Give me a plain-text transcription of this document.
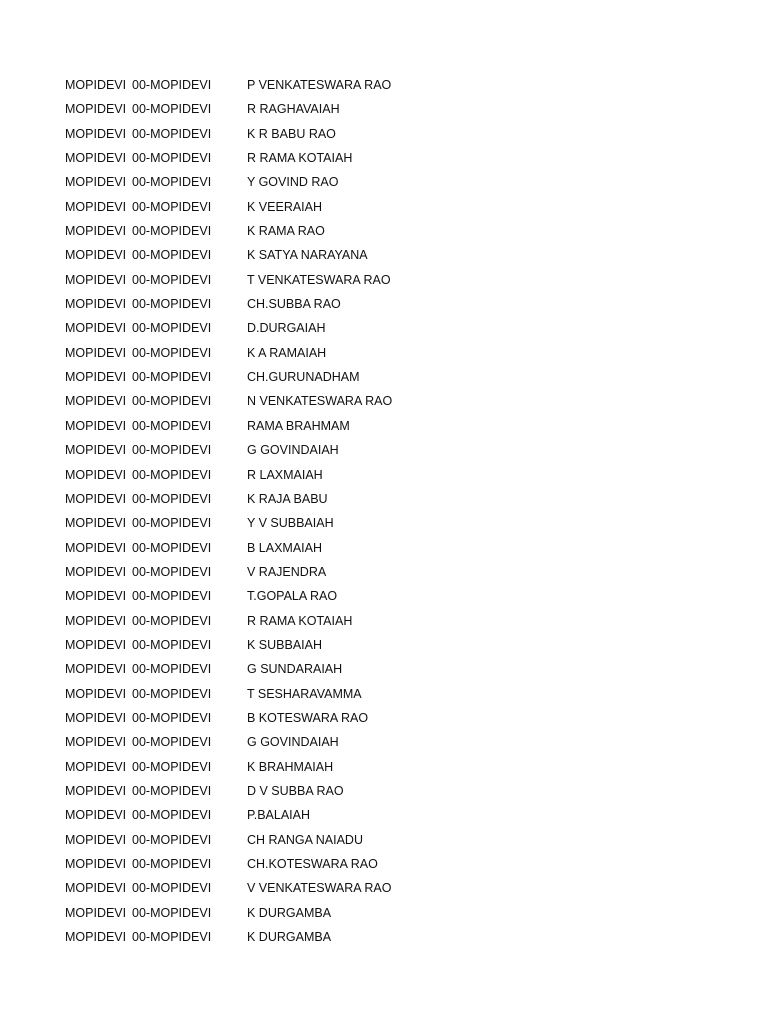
MOPIDEVI 00-MOPIDEVI	P VENKATESWARA RAO
MOPIDEVI 00-MOPIDEVI	R RAGHAVAIAH
MOPIDEVI 00-MOPIDEVI	K R BABU RAO
MOPIDEVI 00-MOPIDEVI	R RAMA KOTAIAH
MOPIDEVI 00-MOPIDEVI	Y GOVIND RAO
MOPIDEVI 00-MOPIDEVI	K VEERAIAH
MOPIDEVI 00-MOPIDEVI	K RAMA RAO
MOPIDEVI 00-MOPIDEVI	K SATYA NARAYANA
MOPIDEVI 00-MOPIDEVI	T VENKATESWARA RAO
MOPIDEVI 00-MOPIDEVI	CH.SUBBA RAO
MOPIDEVI 00-MOPIDEVI	D.DURGAIAH
MOPIDEVI 00-MOPIDEVI	K A RAMAIAH
MOPIDEVI 00-MOPIDEVI	CH.GURUNADHAM
MOPIDEVI 00-MOPIDEVI	N VENKATESWARA RAO
MOPIDEVI 00-MOPIDEVI	RAMA BRAHMAM
MOPIDEVI 00-MOPIDEVI	G GOVINDAIAH
MOPIDEVI 00-MOPIDEVI	R LAXMAIAH
MOPIDEVI 00-MOPIDEVI	K RAJA BABU
MOPIDEVI 00-MOPIDEVI	Y V SUBBAIAH
MOPIDEVI 00-MOPIDEVI	B LAXMAIAH
MOPIDEVI 00-MOPIDEVI	V RAJENDRA
MOPIDEVI 00-MOPIDEVI	T.GOPALA RAO
MOPIDEVI 00-MOPIDEVI	R RAMA KOTAIAH
MOPIDEVI 00-MOPIDEVI	K SUBBAIAH
MOPIDEVI 00-MOPIDEVI	G SUNDARAIAH
MOPIDEVI 00-MOPIDEVI	T SESHARAVAMMA
MOPIDEVI 00-MOPIDEVI	B KOTESWARA RAO
MOPIDEVI 00-MOPIDEVI	G GOVINDAIAH
MOPIDEVI 00-MOPIDEVI	K BRAHMAIAH
MOPIDEVI 00-MOPIDEVI	D V SUBBA RAO
MOPIDEVI 00-MOPIDEVI	P.BALAIAH
MOPIDEVI 00-MOPIDEVI	CH RANGA NAIADU
MOPIDEVI 00-MOPIDEVI	CH.KOTESWARA RAO
MOPIDEVI 00-MOPIDEVI	V VENKATESWARA RAO
MOPIDEVI 00-MOPIDEVI	K DURGAMBA
MOPIDEVI 00-MOPIDEVI	K DURGAMBA
